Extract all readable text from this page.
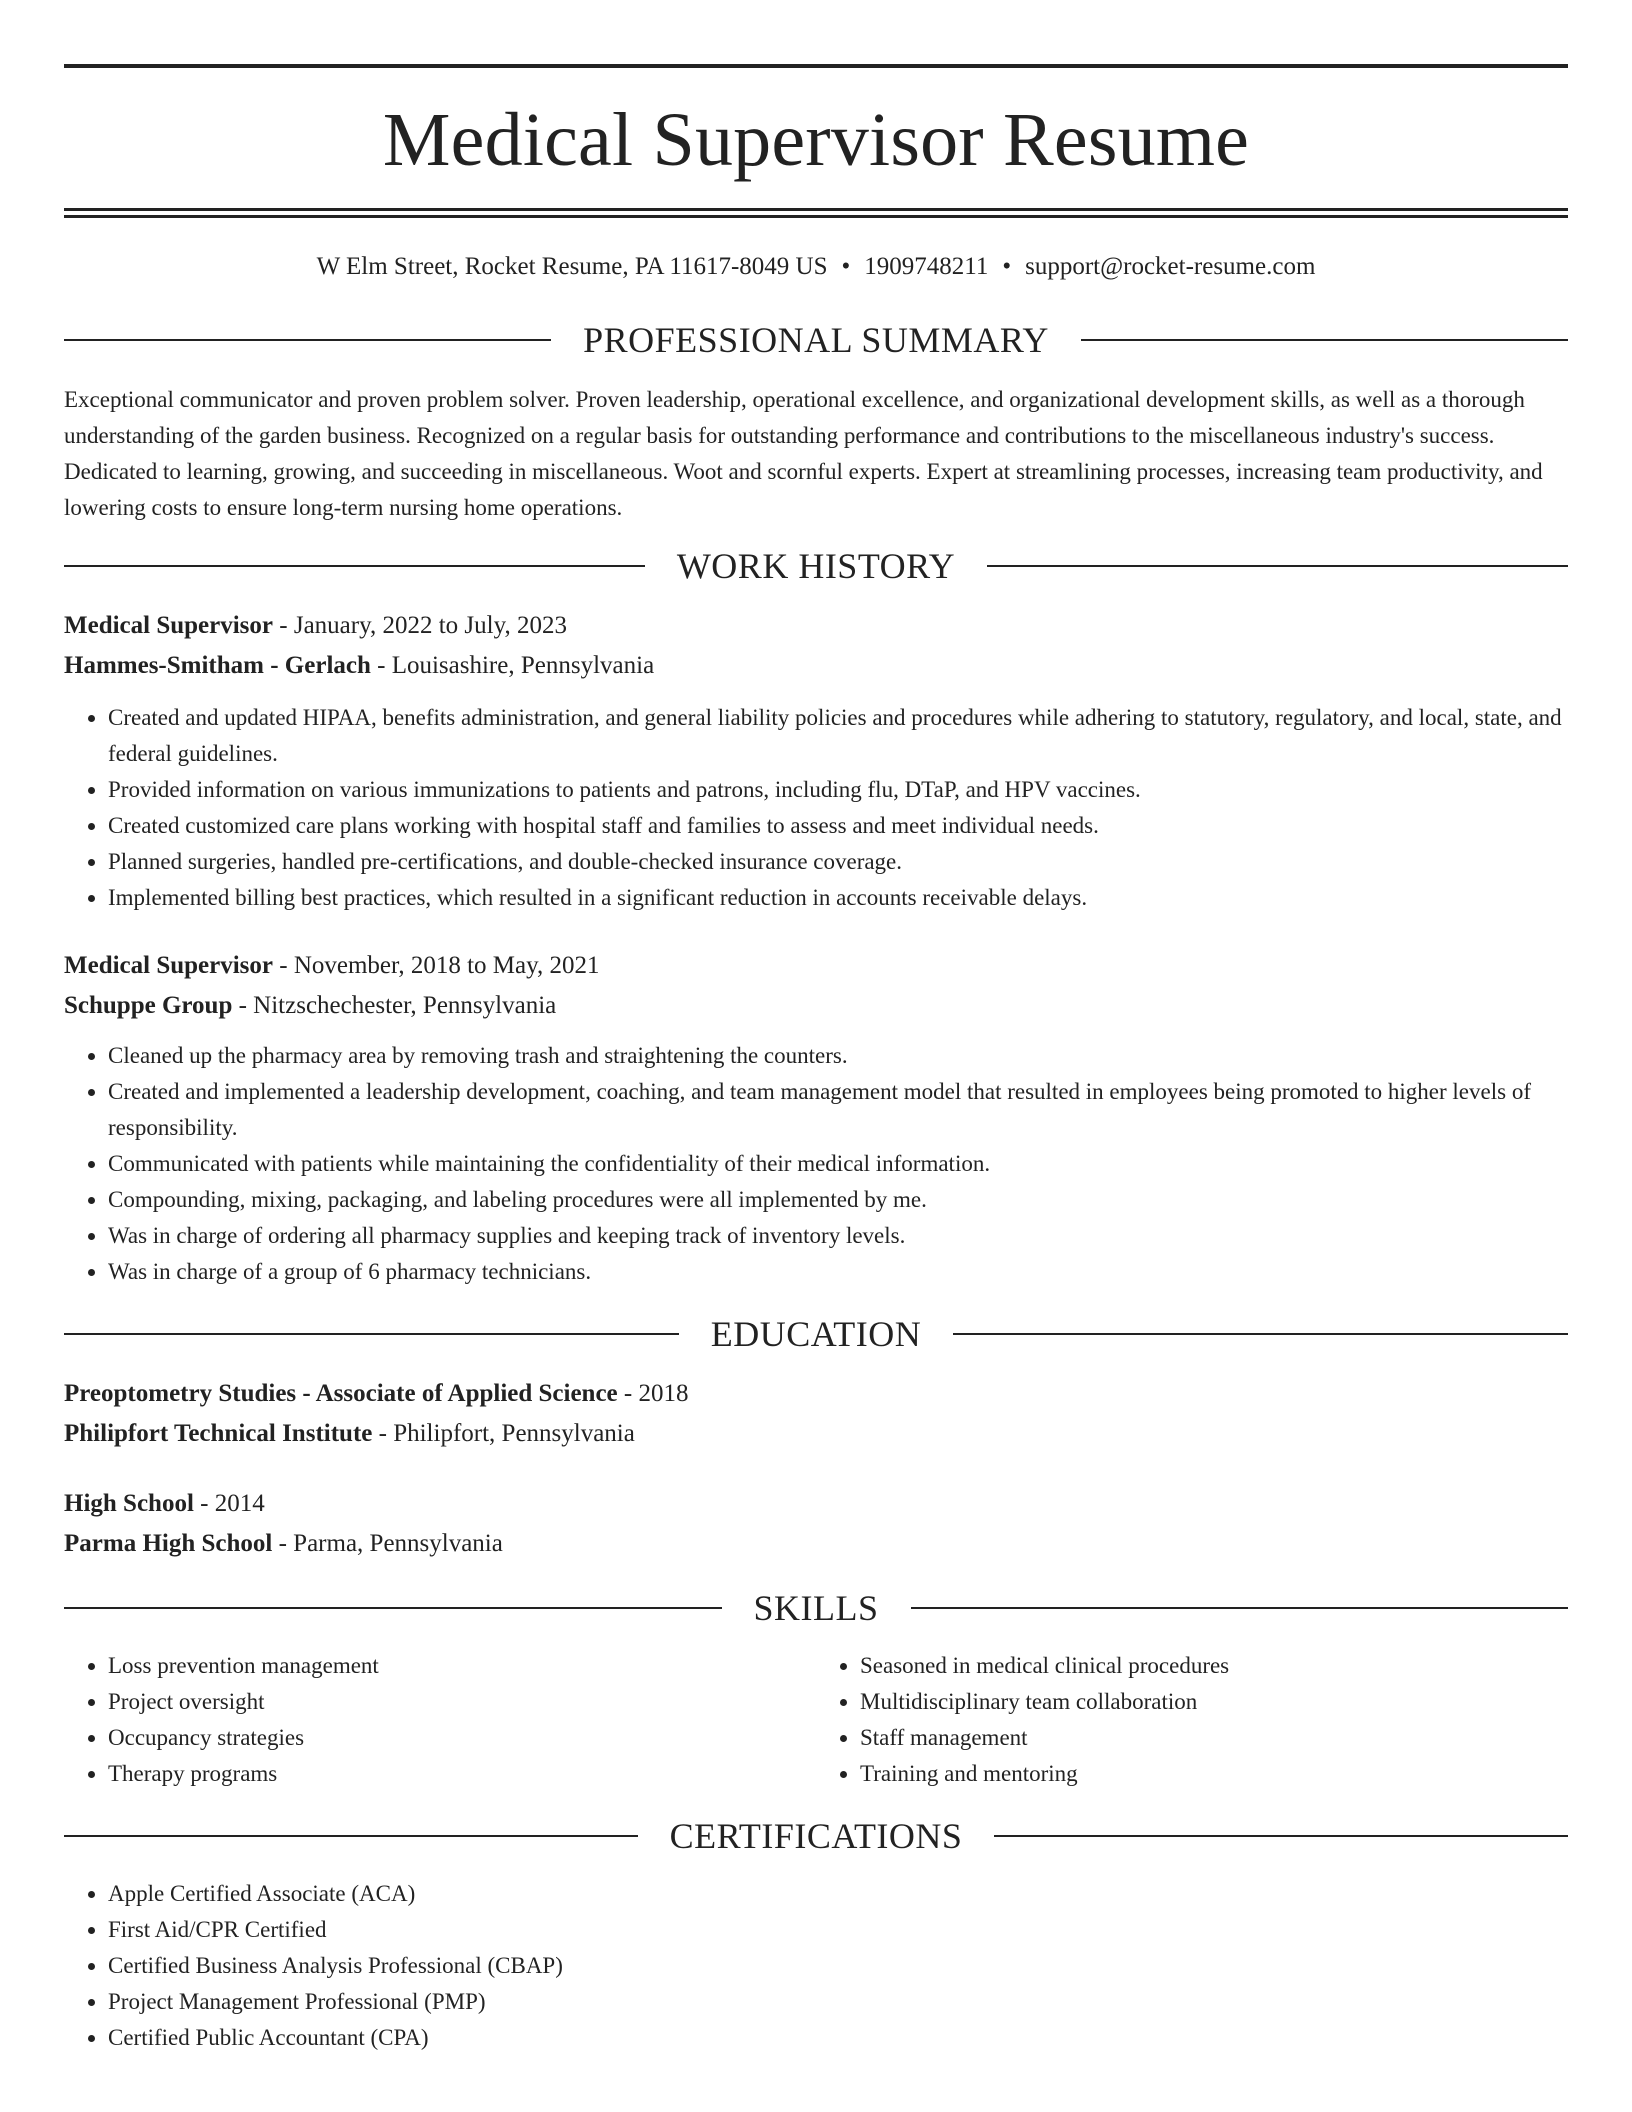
Medical Supervisor Resume
W Elm Street, Rocket Resume, PA 11617-8049 US • 1909748211 • support@rocket-resume.com
PROFESSIONAL SUMMARY
Exceptional communicator and proven problem solver. Proven leadership, operational excellence, and organizational development skills, as well as a thorough understanding of the garden business. Recognized on a regular basis for outstanding performance and contributions to the miscellaneous industry's success. Dedicated to learning, growing, and succeeding in miscellaneous. Woot and scornful experts. Expert at streamlining processes, increasing team productivity, and lowering costs to ensure long-term nursing home operations.
WORK HISTORY
Medical Supervisor - January, 2022 to July, 2023
Hammes-Smitham - Gerlach - Louisashire, Pennsylvania
• Created and updated HIPAA, benefits administration, and general liability policies and procedures while adhering to statutory, regulatory, and local, state, and federal guidelines.
• Provided information on various immunizations to patients and patrons, including flu, DTaP, and HPV vaccines.
• Created customized care plans working with hospital staff and families to assess and meet individual needs.
• Planned surgeries, handled pre-certifications, and double-checked insurance coverage.
• Implemented billing best practices, which resulted in a significant reduction in accounts receivable delays.
Medical Supervisor - November, 2018 to May, 2021
Schuppe Group - Nitzschechester, Pennsylvania
• Cleaned up the pharmacy area by removing trash and straightening the counters.
• Created and implemented a leadership development, coaching, and team management model that resulted in employees being promoted to higher levels of responsibility.
• Communicated with patients while maintaining the confidentiality of their medical information.
• Compounding, mixing, packaging, and labeling procedures were all implemented by me.
• Was in charge of ordering all pharmacy supplies and keeping track of inventory levels.
• Was in charge of a group of 6 pharmacy technicians.
EDUCATION
Preoptometry Studies - Associate of Applied Science - 2018
Philipfort Technical Institute - Philipfort, Pennsylvania
High School - 2014
Parma High School - Parma, Pennsylvania
SKILLS
• Loss prevention management
• Project oversight
• Occupancy strategies
• Therapy programs
• Seasoned in medical clinical procedures
• Multidisciplinary team collaboration
• Staff management
• Training and mentoring
CERTIFICATIONS
• Apple Certified Associate (ACA)
• First Aid/CPR Certified
• Certified Business Analysis Professional (CBAP)
• Project Management Professional (PMP)
• Certified Public Accountant (CPA)
